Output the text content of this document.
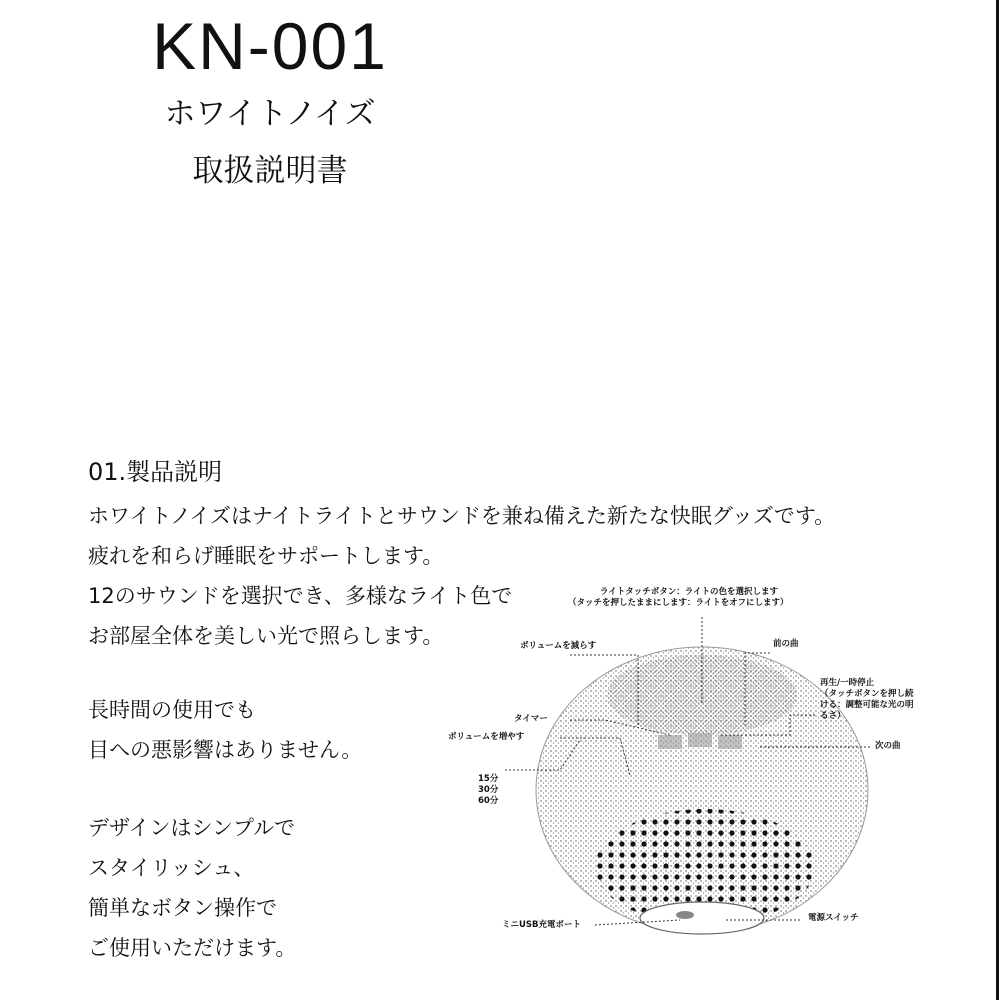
KN-001
ホワイトノイズ
取扱説明書
01.製品説明
ホワイトノイズはナイトライトとサウンドを兼ね備えた新たな快眠グッズです。
疲れを和らげ睡眠をサポートします。
12のサウンドを選択でき、多様なライト色で
お部屋全体を美しい光で照らします。
長時間の使用でも
目への悪影響はありません。
デザインはシンプルで
スタイリッシュ、
簡単なボタン操作で
ご使用いただけます。
ライトタッチボタン：ライトの色を選択します
（タッチを押したままにします：ライトをオフにします）
ボリュームを減らす	前の曲
再生/一時停止
（タッチボタンを押し続
ける：調整可能な光の明
るさ）
タイマー
ボリュームを増やす
次の曲
15分
30分
60分
ミニUSB充電ポート
電源スイッチ
